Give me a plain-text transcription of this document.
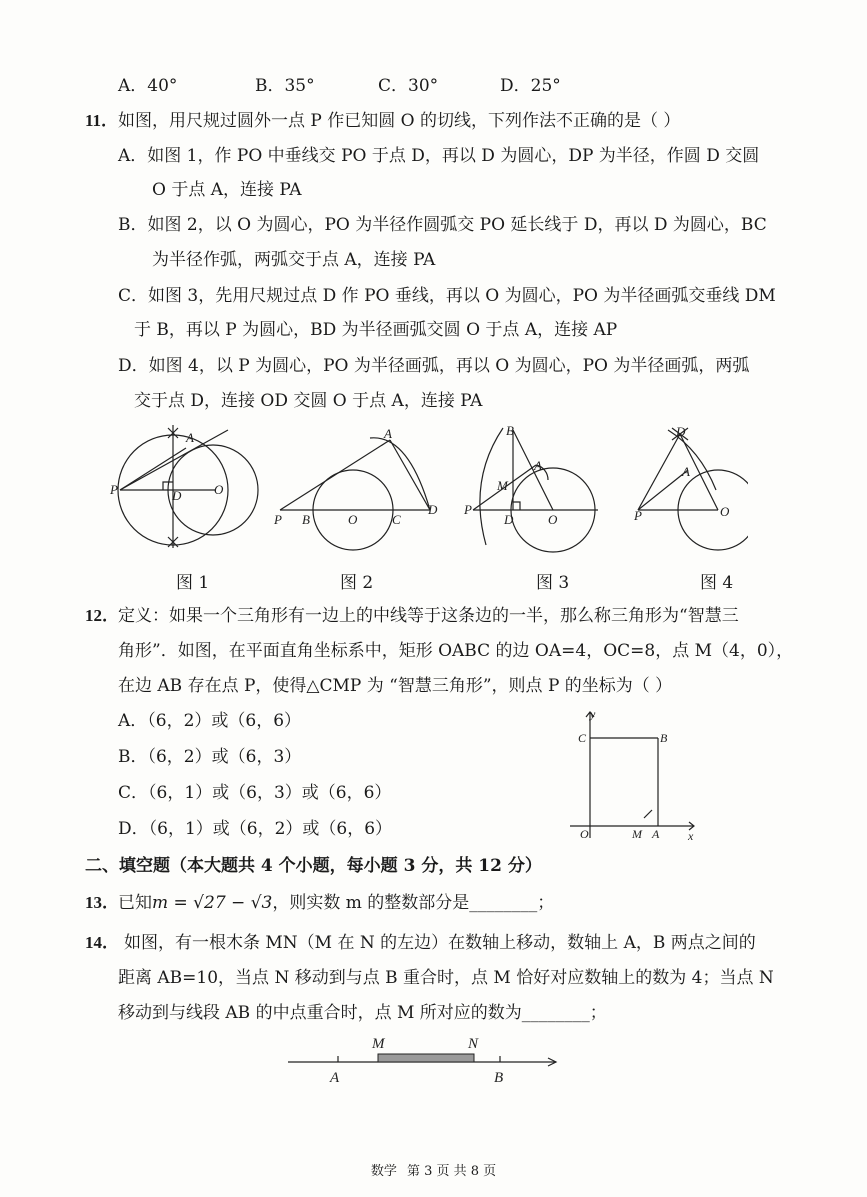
A．40°	B．35°	C．30°	D．25°
11． 如图，用尺规过圆外一点 P 作已知圆 O 的切线，下列作法不正确的是（ ）
A．如图 1，作 PO 中垂线交 PO 于点 D，再以 D 为圆心，DP 为半径，作圆 D 交圆
O 于点 A，连接 PA
B．如图 2，以 O 为圆心，PO 为半径作圆弧交 PO 延长线于 D，再以 D 为圆心，BC
为半径作弧，两弧交于点 A，连接 PA
C．如图 3，先用尺规过点 D 作 PO 垂线，再以 O 为圆心，PO 为半径画弧交垂线 DM
于 B，再以 P 为圆心，BD 为半径画弧交圆 O 于点 A，连接 AP
D．如图 4，以 P 为圆心，PO 为半径画弧，再以 O 为圆心，PO 为半径画弧，两弧
交于点 D，连接 OD 交圆 O 于点 A，连接 PA
P	D	O
A
P B	O	C
D
A
P
D	O
B
A
M
P	O
D
A
图 1	图 2	图 3	图 4
12． 定义：如果一个三角形有一边上的中线等于这条边的一半，那么称三角形为“智慧三
角形”．如图，在平面直角坐标系中，矩形 OABC 的边 OA=4，OC=8，点 M（4，0），
在边 AB 存在点 P，使得△CMP 为 “智慧三角形”，则点 P 的坐标为（ ）
A．（6，2）或（6，6）
B．（6，2）或（6，3）
C．（6，1）或（6，3）或（6，6）
D．（6，1）或（6，2）或（6，6）
y
x
C	B
O	M A
二、填空题（本大题共 4 个小题，每小题 3 分，共 12 分）
13． 已知m = √27 − √3，则实数 m 的整数部分是________；
14． 如图，有一根木条 MN（M 在 N 的左边）在数轴上移动，数轴上 A，B 两点之间的
距离 AB=10，当点 N 移动到与点 B 重合时，点 M 恰好对应数轴上的数为 4；当点 N
移动到与线段 AB 的中点重合时，点 M 所对应的数为________；
M	N
A	B
数学 第 3 页 共 8 页
